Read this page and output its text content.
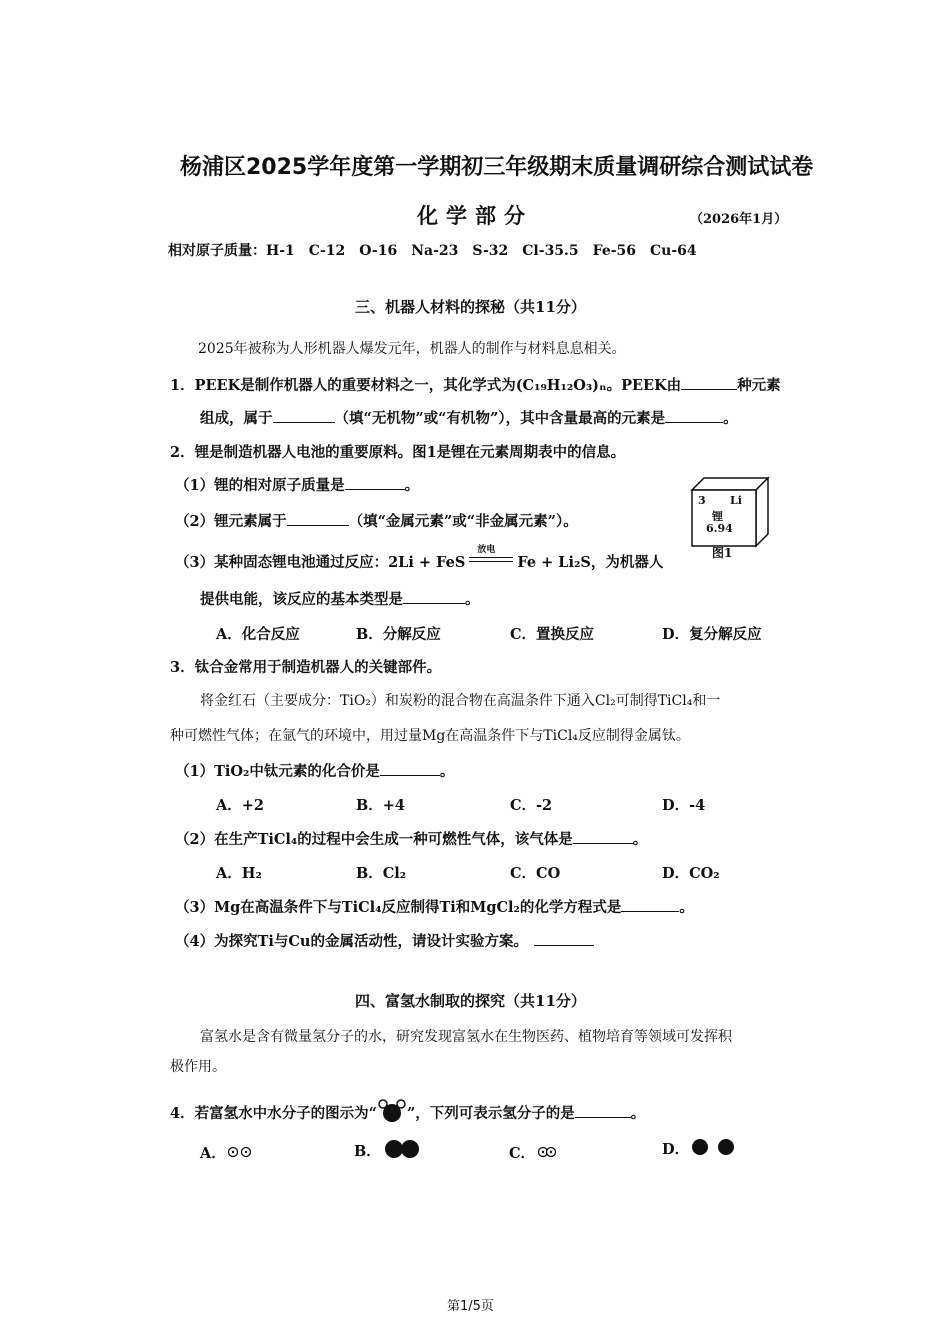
杨浦区2025学年度第一学期初三年级期末质量调研综合测试试卷
化学部分	（2026年1月）
相对原子质量：H-1　C-12　O-16　Na-23　S-32　Cl-35.5　Fe-56　Cu-64
三、机器人材料的探秘（共11分）
2025年被称为人形机器人爆发元年，机器人的制作与材料息息相关。
1．PEEK是制作机器人的重要材料之一，其化学式为(C₁₉H₁₂O₃)ₙ。PEEK由	种元素
组成，属于	（填“无机物”或“有机物”），其中含量最高的元素是	。
2．锂是制造机器人电池的重要原料。图1是锂在元素周期表中的信息。
（1）锂的相对原子质量是	。
（2）锂元素属于	（填“金属元素”或“非金属元素”）。
3 Li
锂
6.94
图1
（3）某种固态锂电池通过反应：2Li + FeS
放电
Fe + Li₂S，为机器人
提供电能，该反应的基本类型是	。
A．化合反应	B．分解反应	C．置换反应	D．复分解反应
3．钛合金常用于制造机器人的关键部件。
将金红石（主要成分：TiO₂）和炭粉的混合物在高温条件下通入Cl₂可制得TiCl₄和一
种可燃性气体；在氩气的环境中，用过量Mg在高温条件下与TiCl₄反应制得金属钛。
（1）TiO₂中钛元素的化合价是	。
A．+2	B．+4	C．-2	D．-4
（2）在生产TiCl₄的过程中会生成一种可燃性气体，该气体是	。
A．H₂	B．Cl₂	C．CO	D．CO₂
（3）Mg在高温条件下与TiCl₄反应制得Ti和MgCl₂的化学方程式是	。
（4）为探究Ti与Cu的金属活动性，请设计实验方案。
四、富氢水制取的探究（共11分）
富氢水是含有微量氢分子的水，研究发现富氢水在生物医药、植物培育等领域可发挥积
极作用。
4．若富氢水中水分子的图示为“ ”，下列可表示氢分子的是	。
A．	B．	C．	D．
第1/5页
